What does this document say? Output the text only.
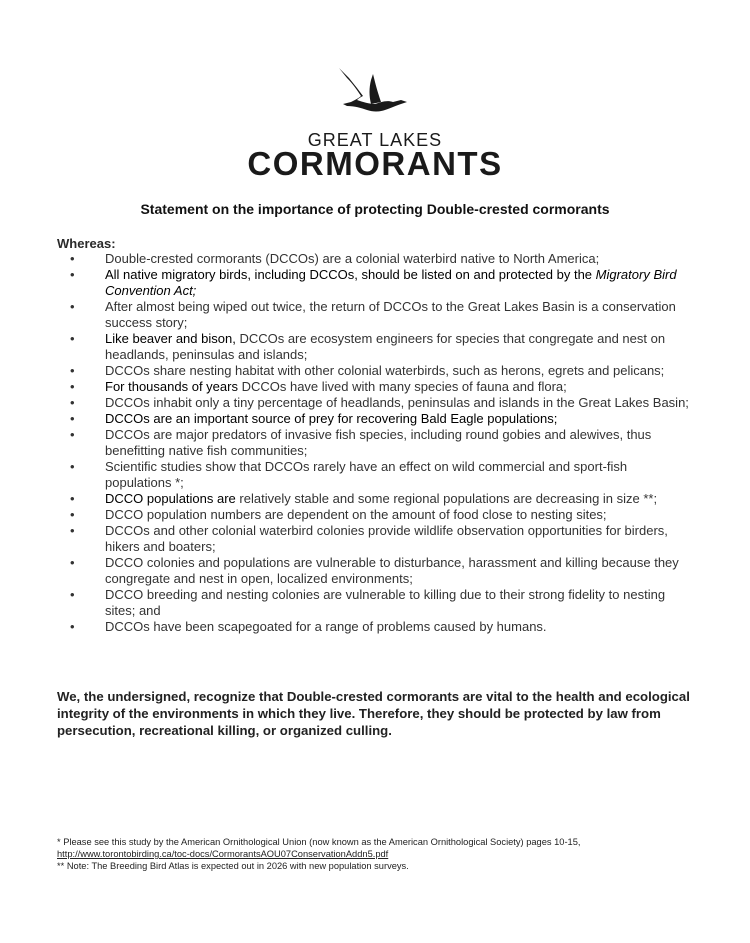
GREAT LAKES
CORMORANTS
Statement on the importance of protecting Double-crested cormorants
Whereas:
• Double-crested cormorants (DCCOs) are a colonial waterbird native to North America;
• All native migratory birds, including DCCOs, should be listed on and protected by the Migratory Bird Convention Act;
• After almost being wiped out twice, the return of DCCOs to the Great Lakes Basin is a conservation success story;
• Like beaver and bison, DCCOs are ecosystem engineers for species that congregate and nest on headlands, peninsulas and islands;
• DCCOs share nesting habitat with other colonial waterbirds, such as herons, egrets and pelicans;
• For thousands of years DCCOs have lived with many species of fauna and flora;
• DCCOs inhabit only a tiny percentage of headlands, peninsulas and islands in the Great Lakes Basin;
• DCCOs are an important source of prey for recovering Bald Eagle populations;
• DCCOs are major predators of invasive fish species, including round gobies and alewives, thus benefitting native fish communities;
• Scientific studies show that DCCOs rarely have an effect on wild commercial and sport-fish populations *;
• DCCO populations are relatively stable and some regional populations are decreasing in size **;
• DCCO population numbers are dependent on the amount of food close to nesting sites;
• DCCOs and other colonial waterbird colonies provide wildlife observation opportunities for birders, hikers and boaters;
• DCCO colonies and populations are vulnerable to disturbance, harassment and killing because they congregate and nest in open, localized environments;
• DCCO breeding and nesting colonies are vulnerable to killing due to their strong fidelity to nesting sites; and
• DCCOs have been scapegoated for a range of problems caused by humans.
We, the undersigned, recognize that Double-crested cormorants are vital to the health and ecological integrity of the environments in which they live. Therefore, they should be protected by law from persecution, recreational killing, or organized culling.
* Please see this study by the American Ornithological Union (now known as the American Ornithological Society) pages 10-15,
http://www.torontobirding.ca/toc-docs/CormorantsAOU07ConservationAddn5.pdf
** Note: The Breeding Bird Atlas is expected out in 2026 with new population surveys.
